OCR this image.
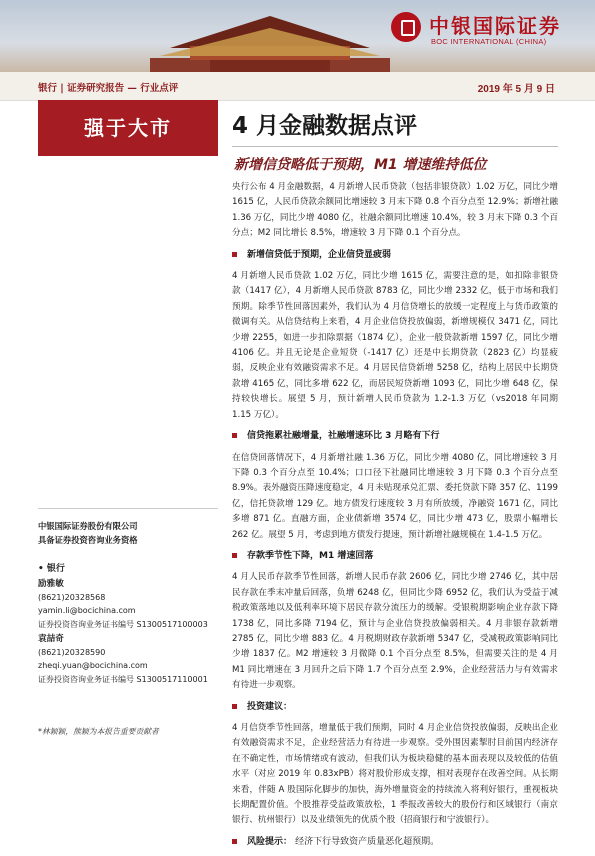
中银国际证券
BOC INTERNATIONAL (CHINA)
银行 | 证券研究报告 — 行业点评	2019 年 5 月 9 日
强于大市	4 月金融数据点评
新增信贷略低于预期，M1 增速维持低位

央行公布 4 月金融数据，4 月新增人民币贷款（包括非银贷款）1.02 万亿，同比少增 1615 亿，人民币贷款余额同比增速较 3 月末下降 0.8 个百分点至 12.9%；新增社融 1.36 万亿，同比少增 4080 亿，社融余额同比增速 10.4%，较 3 月末下降 0.3 个百分点；M2 同比增长 8.5%，增速较 3 月下降 0.1 个百分点。

新增信贷低于预期，企业信贷显疲弱

4 月新增人民币贷款 1.02 万亿，同比少增 1615 亿，需要注意的是，如扣除非银贷款（1417 亿），4 月新增人民币贷款 8783 亿，同比少增 2332 亿，低于市场和我们预期。除季节性回落因素外，我们认为 4 月信贷增长的放缓一定程度上与货币政策的微调有关。从信贷结构上来看，4 月企业信贷投放偏弱，新增规模仅 3471 亿，同比少增 2255，如进一步扣除票据（1874 亿），企业一般贷款新增 1597 亿，同比少增 4106 亿。并且无论是企业短贷（-1417 亿）还是中长期贷款（2823 亿）均显疲弱，反映企业有效融资需求不足。4 月居民信贷新增 5258 亿，结构上居民中长期贷款增 4165 亿，同比多增 622 亿，而居民短贷新增 1093 亿，同比少增 648 亿，保持较快增长。展望 5 月，预计新增人民币贷款为 1.2-1.3 万亿（vs2018 年同期 1.15 万亿）。

信贷拖累社融增量，社融增速环比 3 月略有下行

在信贷回落情况下，4 月新增社融 1.36 万亿，同比少增 4080 亿，同比增速较 3 月下降 0.3 个百分点至 10.4%；口口径下社融同比增速较 3 月下降 0.3 个百分点至 8.9%。表外融资压降速度稳定，4 月未贴现承兑汇票、委托贷款下降 357 亿、1199 亿，信托贷款增 129 亿。地方债发行速度较 3 月有所放缓，净融资 1671 亿，同比多增 871 亿。直融方面，企业债新增 3574 亿，同比少增 473 亿，股票小幅增长 262 亿。展望 5 月，考虑到地方债发行提速，预计新增社融规模在 1.4-1.5 万亿。

存款季节性下降，M1 增速回落

4 月人民币存款季节性回落，新增人民币存款 2606 亿，同比少增 2746 亿，其中居民存款在季末冲量后回落，负增 6248 亿，但同比少降 6952 亿，我们认为受益于减税政策落地以及低利率环境下居民存款分流压力的缓解。受银税期影响企业存款下降 1738 亿，同比多降 7194 亿，预计与企业信贷投放偏弱相关。4 月非银存款新增 2785 亿，同比少增 883 亿。4 月税期财政存款新增 5347 亿，受减税政策影响同比少增 1837 亿。M2 增速较 3 月微降 0.1 个百分点至 8.5%，但需要关注的是 4 月 M1 同比增速在 3 月回升之后下降 1.7 个百分点至 2.9%，企业经营活力与有效需求有待进一步观察。

投资建议：

4 月信贷季节性回落，增量低于我们预期，同时 4 月企业信贷投放偏弱，反映出企业有效融资需求不足，企业经营活力有待进一步观察。受外围因素掣肘目前国内经济存在不确定性，市场情绪或有波动，但我们认为板块稳健的基本面表现以及较低的估值水平（对应 2019 年 0.83xPB）将对股价形成支撑，相对表现存在改善空间。从长期来看，伴随 A 股国际化脚步的加快，海外增量资金的持续流入将利好银行，重视板块长期配置价值。个股推荐受益政策放松，1 季报改善较大的股份行和区域银行（南京银行、杭州银行）以及业绩领先的优质个股（招商银行和宁波银行）。

风险提示： 经济下行导致资产质量恶化超预期。
中银国际证券股份有限公司
具备证券投资咨询业务资格
• 银行
励雅敏
(8621)20328568
yamin.li@bocichina.com
证券投资咨询业务证书编号 S1300517100003
袁喆奇
(8621)20328590
zheqi.yuan@bocichina.com
证券投资咨询业务证书编号 S1300517110001
*林颖颖，熊颖为本报告重要贡献者
